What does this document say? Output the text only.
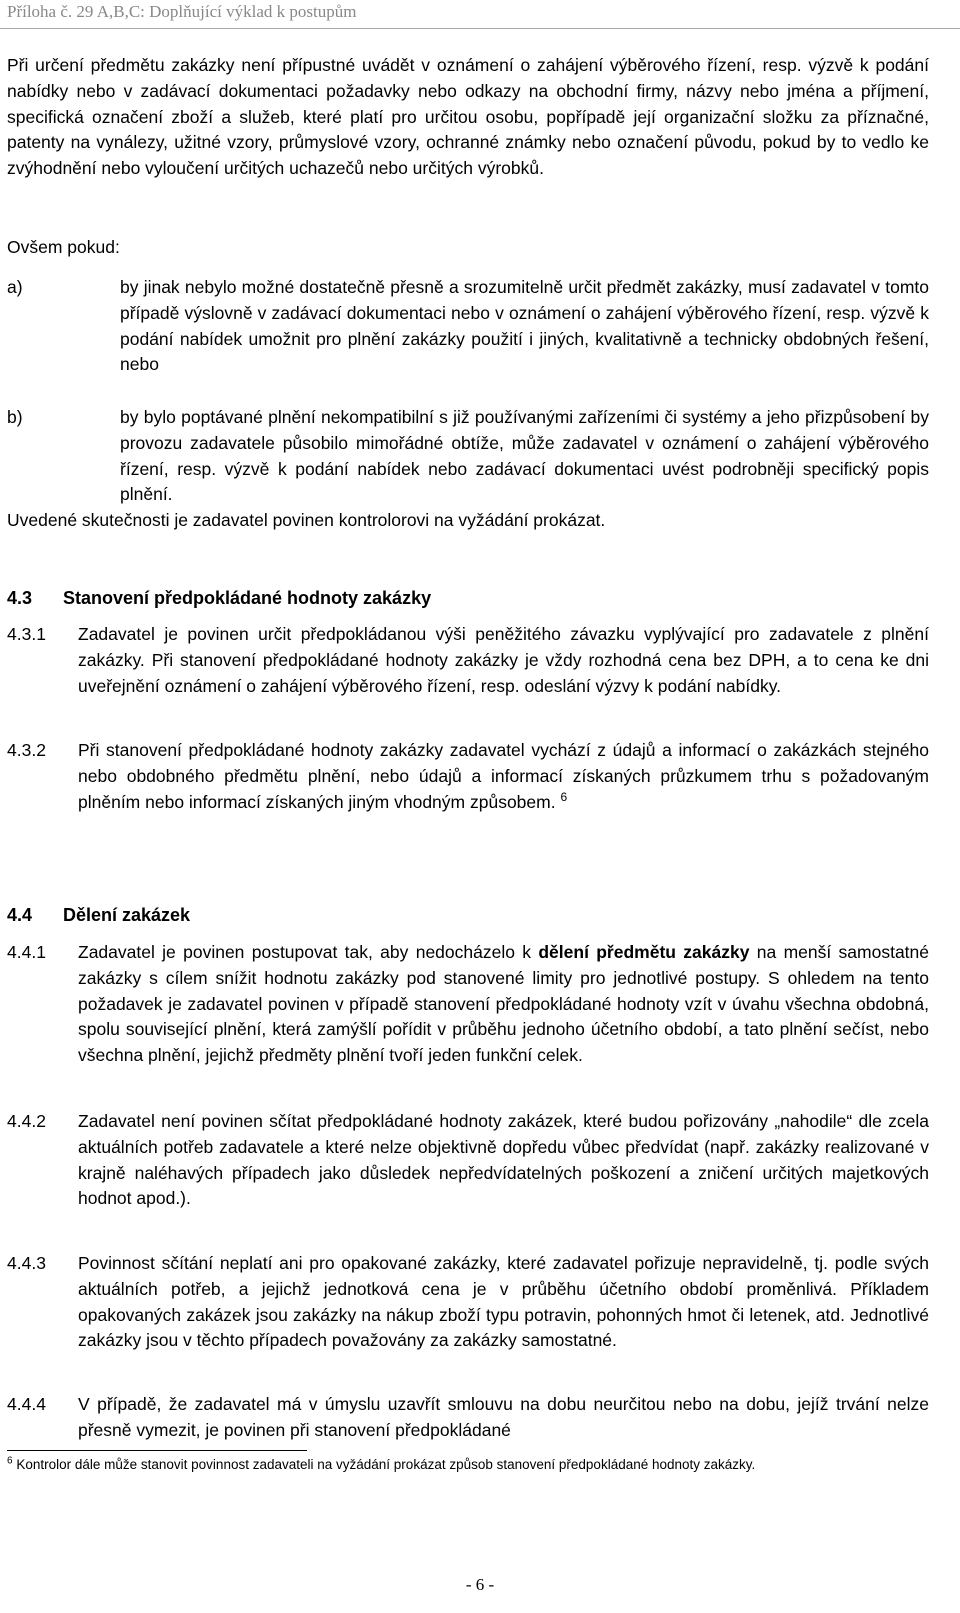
Příloha č. 29 A,B,C: Doplňující výklad k postupům

Při určení předmětu zakázky není přípustné uvádět v oznámení o zahájení výběrového řízení, resp. výzvě k podání nabídky nebo v zadávací dokumentaci požadavky nebo odkazy na obchodní firmy, názvy nebo jména a příjmení, specifická označení zboží a služeb, které platí pro určitou osobu, popřípadě její organizační složku za příznačné, patenty na vynálezy, užitné vzory, průmyslové vzory, ochranné známky nebo označení původu, pokud by to vedlo ke zvýhodnění nebo vyloučení určitých uchazečů nebo určitých výrobků.

Ovšem pokud:

a)	by jinak nebylo možné dostatečně přesně a srozumitelně určit předmět zakázky, musí zadavatel v tomto případě výslovně v zadávací dokumentaci nebo v oznámení o zahájení výběrového řízení, resp. výzvě k podání nabídek umožnit pro plnění zakázky použití i jiných, kvalitativně a technicky obdobných řešení, nebo
b)	by bylo poptávané plnění nekompatibilní s již používanými zařízeními či systémy a jeho přizpůsobení by provozu zadavatele působilo mimořádné obtíže, může zadavatel v oznámení o zahájení výběrového řízení, resp. výzvě k podání nabídek nebo zadávací dokumentaci uvést podrobněji specifický popis plnění.

Uvedené skutečnosti je zadavatel povinen kontrolorovi na vyžádání prokázat.

4.3 Stanovení předpokládané hodnoty zakázky
4.3.1 Zadavatel je povinen určit předpokládanou výši peněžitého závazku vyplývající pro zadavatele z plnění zakázky. Při stanovení předpokládané hodnoty zakázky je vždy rozhodná cena bez DPH, a to cena ke dni uveřejnění oznámení o zahájení výběrového řízení, resp. odeslání výzvy k podání nabídky.
4.3.2 Při stanovení předpokládané hodnoty zakázky zadavatel vychází z údajů a informací o zakázkách stejného nebo obdobného předmětu plnění, nebo údajů a informací získaných průzkumem trhu s požadovaným plněním nebo informací získaných jiným vhodným způsobem. $^6$
4.4 Dělení zakázek
4.4.1 Zadavatel je povinen postupovat tak, aby nedocházelo k dělení předmětu zakázky na menší samostatné zakázky s cílem snížit hodnotu zakázky pod stanovené limity pro jednotlivé postupy. S ohledem na tento požadavek je zadavatel povinen v případě stanovení předpokládané hodnoty vzít v úvahu všechna obdobná, spolu související plnění, která zamýšlí pořídit v průběhu jednoho účetního období, a tato plnění sečíst, nebo všechna plnění, jejichž předměty plnění tvoří jeden funkční celek.
4.4.2 Zadavatel není povinen sčítat předpokládané hodnoty zakázek, které budou pořizovány „nahodile“ dle zcela aktuálních potřeb zadavatele a které nelze objektivně dopředu vůbec předvídat (např. zakázky realizované v krajně naléhavých případech jako důsledek nepředvídatelných poškození a zničení určitých majetkových hodnot apod.).
4.4.3 Povinnost sčítání neplatí ani pro opakované zakázky, které zadavatel pořizuje nepravidelně, tj. podle svých aktuálních potřeb, a jejichž jednotková cena je v průběhu účetního období proměnlivá. Příkladem opakovaných zakázek jsou zakázky na nákup zboží typu potravin, pohonných hmot či letenek, atd. Jednotlivé zakázky jsou v těchto případech považovány za zakázky samostatné.
4.4.4 V případě, že zadavatel má v úmyslu uzavřít smlouvu na dobu neurčitou nebo na dobu, jejíž trvání nelze přesně vymezit, je povinen při stanovení předpokládané
$^6$ Kontrolor dále může stanovit povinnost zadavateli na vyžádání prokázat způsob stanovení předpokládané hodnoty zakázky.
- 6 -
